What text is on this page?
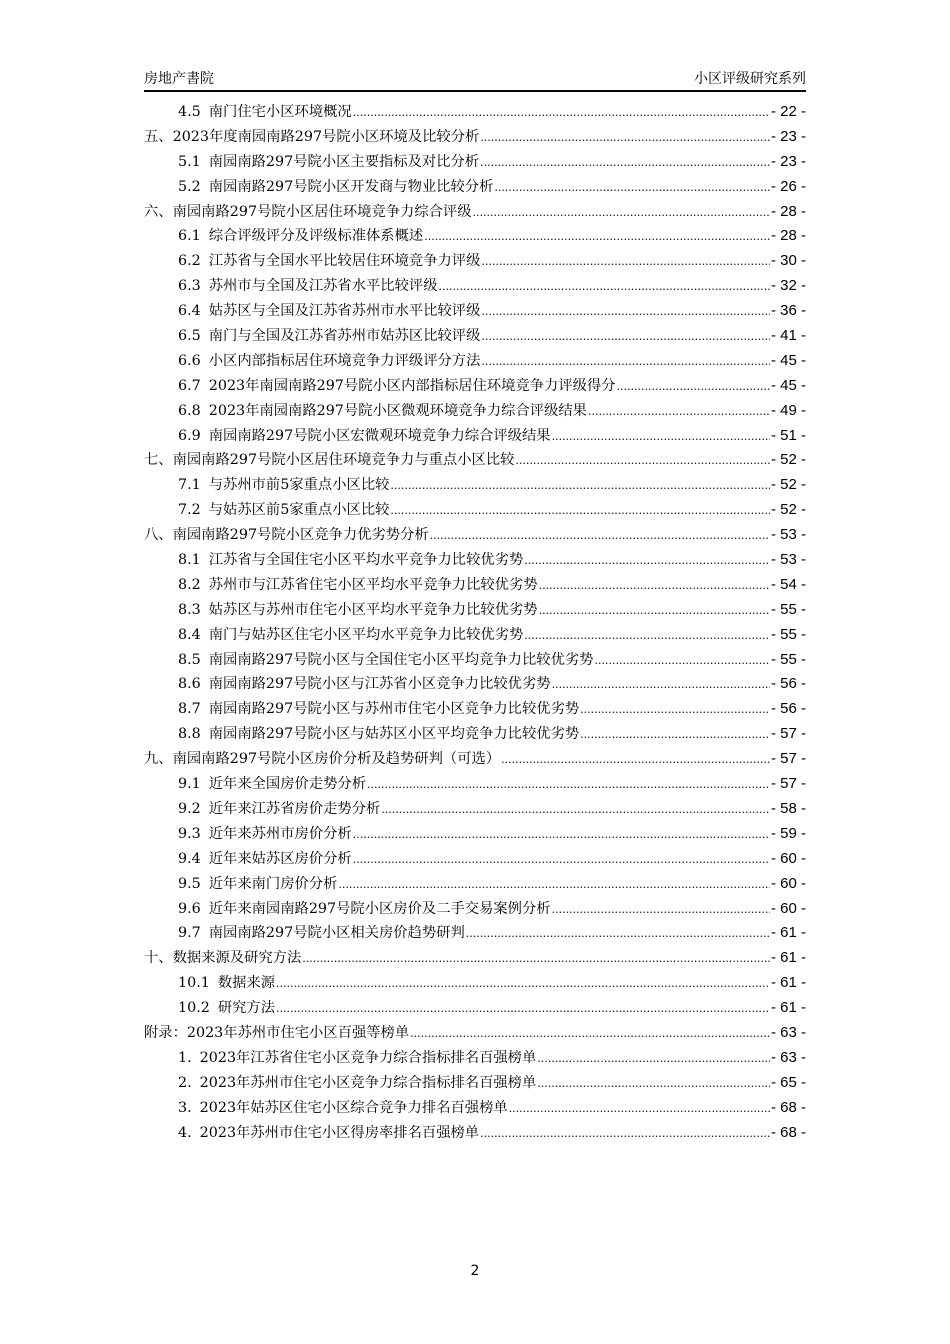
房地产書院	小区评级研究系列
4.5 南门住宅小区环境概况 .....	- 22 -
五、 2023年度南园南路297号院小区环境及比较分析 .....	- 23 -
5.1 南园南路297号院小区主要指标及对比分析 .....	- 23 -
5.2 南园南路297号院小区开发商与物业比较分析 .....	- 26 -
六、 南园南路297号院小区居住环境竞争力综合评级 .....	- 28 -
6.1 综合评级评分及评级标准体系概述 .....	- 28 -
6.2 江苏省与全国水平比较居住环境竞争力评级 .....	- 30 -
6.3 苏州市与全国及江苏省水平比较评级 .....	- 32 -
6.4 姑苏区与全国及江苏省苏州市水平比较评级 .....	- 36 -
6.5 南门与全国及江苏省苏州市姑苏区比较评级 .....	- 41 -
6.6 小区内部指标居住环境竞争力评级评分方法 .....	- 45 -
6.7 2023年南园南路297号院小区内部指标居住环境竞争力评级得分 .....	- 45 -
6.8 2023年南园南路297号院小区微观环境竞争力综合评级结果 .....	- 49 -
6.9 南园南路297号院小区宏微观环境竞争力综合评级结果 .....	- 51 -
七、 南园南路297号院小区居住环境竞争力与重点小区比较 .....	- 52 -
7.1 与苏州市前5家重点小区比较 .....	- 52 -
7.2 与姑苏区前5家重点小区比较 .....	- 52 -
八、 南园南路297号院小区竞争力优劣势分析 .....	- 53 -
8.1 江苏省与全国住宅小区平均水平竞争力比较优劣势 .....	- 53 -
8.2 苏州市与江苏省住宅小区平均水平竞争力比较优劣势 .....	- 54 -
8.3 姑苏区与苏州市住宅小区平均水平竞争力比较优劣势 .....	- 55 -
8.4 南门与姑苏区住宅小区平均水平竞争力比较优劣势 .....	- 55 -
8.5 南园南路297号院小区与全国住宅小区平均竞争力比较优劣势 .....	- 55 -
8.6 南园南路297号院小区与江苏省小区竞争力比较优劣势 .....	- 56 -
8.7 南园南路297号院小区与苏州市住宅小区竞争力比较优劣势 .....	- 56 -
8.8 南园南路297号院小区与姑苏区小区平均竞争力比较优劣势 .....	- 57 -
九、 南园南路297号院小区房价分析及趋势研判（可选） .....	- 57 -
9.1 近年来全国房价走势分析 .....	- 57 -
9.2 近年来江苏省房价走势分析 .....	- 58 -
9.3 近年来苏州市房价分析 .....	- 59 -
9.4 近年来姑苏区房价分析 .....	- 60 -
9.5 近年来南门房价分析 .....	- 60 -
9.6 近年来南园南路297号院小区房价及二手交易案例分析 .....	- 60 -
9.7 南园南路297号院小区相关房价趋势研判 .....	- 61 -
十、 数据来源及研究方法 .....	- 61 -
10.1 数据来源 .....	- 61 -
10.2 研究方法 .....	- 61 -
附录： 2023年苏州市住宅小区百强等榜单 .....	- 63 -
1. 2023年江苏省住宅小区竞争力综合指标排名百强榜单 .....	- 63 -
2. 2023年苏州市住宅小区竞争力综合指标排名百强榜单 .....	- 65 -
3. 2023年姑苏区住宅小区综合竞争力排名百强榜单 .....	- 68 -
4. 2023年苏州市住宅小区得房率排名百强榜单 .....	- 68 -
2
